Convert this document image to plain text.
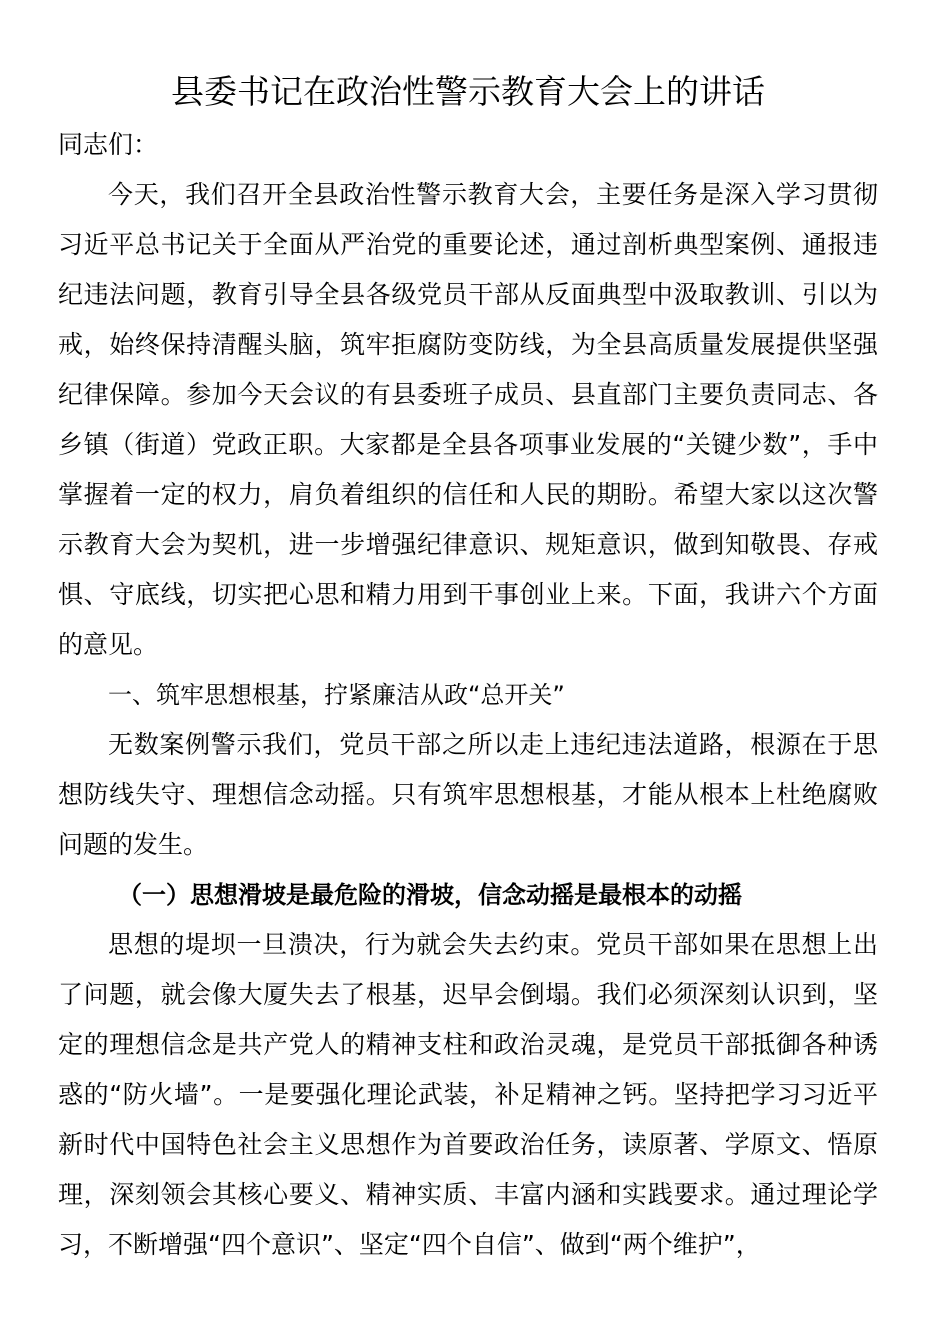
县委书记在政治性警示教育大会上的讲话

同志们：

今天，我们召开全县政治性警示教育大会，主要任务是深入学习贯彻习近平总书记关于全面从严治党的重要论述，通过剖析典型案例、通报违纪违法问题，教育引导全县各级党员干部从反面典型中汲取教训、引以为戒，始终保持清醒头脑，筑牢拒腐防变防线，为全县高质量发展提供坚强纪律保障。参加今天会议的有县委班子成员、县直部门主要负责同志、各乡镇（街道）党政正职。大家都是全县各项事业发展的“关键少数”，手中掌握着一定的权力，肩负着组织的信任和人民的期盼。希望大家以这次警示教育大会为契机，进一步增强纪律意识、规矩意识，做到知敬畏、存戒惧、守底线，切实把心思和精力用到干事创业上来。下面，我讲六个方面的意见。

一、筑牢思想根基，拧紧廉洁从政“总开关”

无数案例警示我们，党员干部之所以走上违纪违法道路，根源在于思想防线失守、理想信念动摇。只有筑牢思想根基，才能从根本上杜绝腐败问题的发生。

（一）思想滑坡是最危险的滑坡，信念动摇是最根本的动摇

思想的堤坝一旦溃决，行为就会失去约束。党员干部如果在思想上出了问题，就会像大厦失去了根基，迟早会倒塌。我们必须深刻认识到，坚定的理想信念是共产党人的精神支柱和政治灵魂，是党员干部抵御各种诱惑的“防火墙”。一是要强化理论武装，补足精神之钙。坚持把学习习近平新时代中国特色社会主义思想作为首要政治任务，读原著、学原文、悟原理，深刻领会其核心要义、精神实质、丰富内涵和实践要求。通过理论学习，不断增强“四个意识”、坚定“四个自信”、做到“两个维护”，
